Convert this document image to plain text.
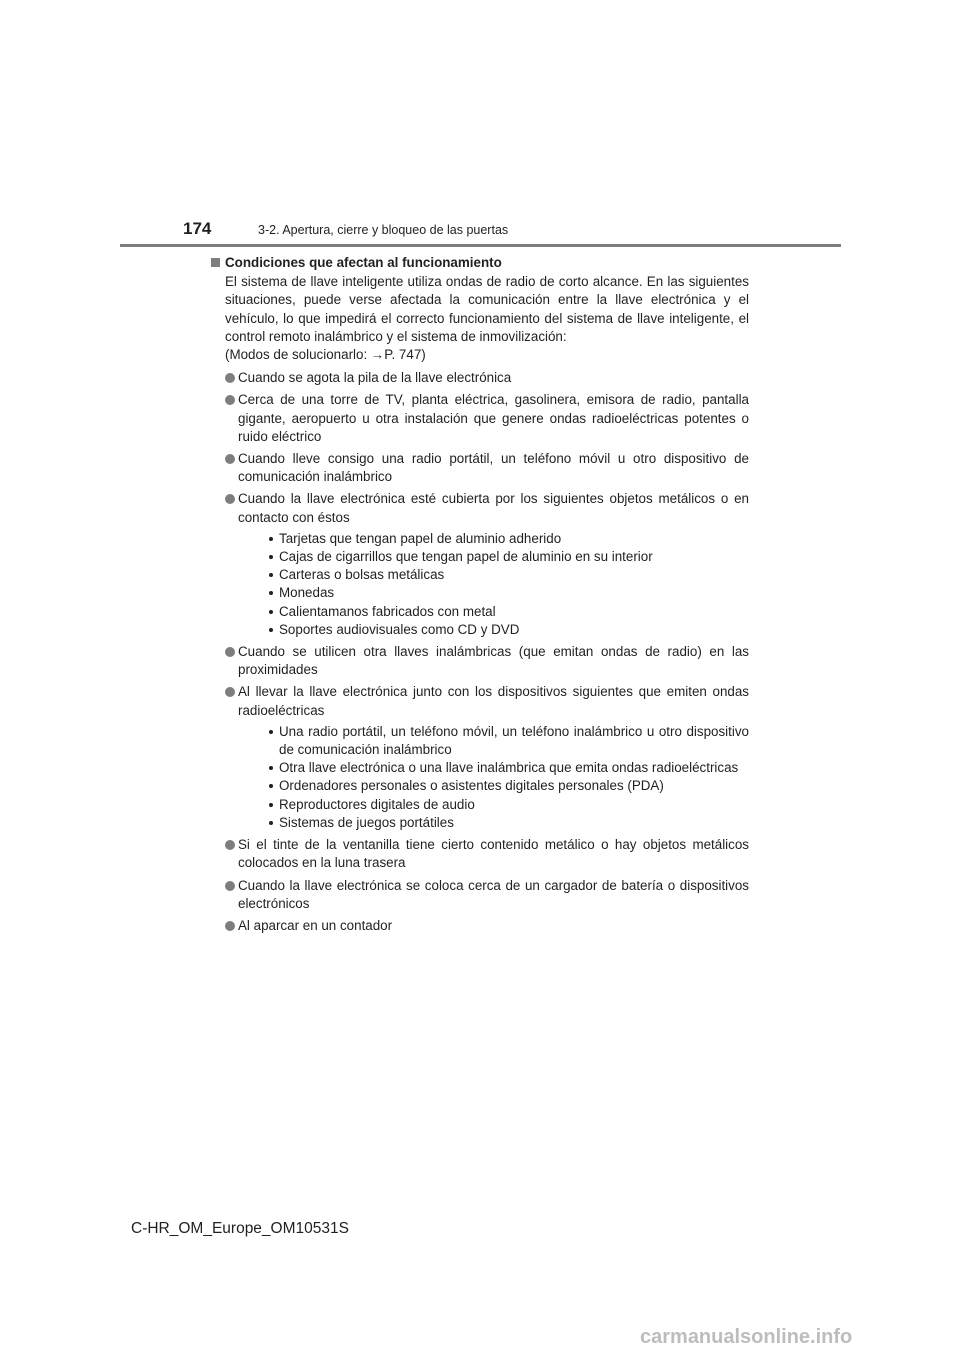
174	3-2. Apertura, cierre y bloqueo de las puertas
Condiciones que afectan al funcionamiento

El sistema de llave inteligente utiliza ondas de radio de corto alcance. En las siguientes situaciones, puede verse afectada la comunicación entre la llave electrónica y el vehículo, lo que impedirá el correcto funcionamiento del sistema de llave inteligente, el control remoto inalámbrico y el sistema de inmovilización:
(Modos de solucionarlo: →P. 747)

Cuando se agota la pila de la llave electrónica
Cerca de una torre de TV, planta eléctrica, gasolinera, emisora de radio, pantalla gigante, aeropuerto u otra instalación que genere ondas radioeléctricas potentes o ruido eléctrico
Cuando lleve consigo una radio portátil, un teléfono móvil u otro dispositivo de comunicación inalámbrico
Cuando la llave electrónica esté cubierta por los siguientes objetos metálicos o en contacto con éstos
Tarjetas que tengan papel de aluminio adherido
Cajas de cigarrillos que tengan papel de aluminio en su interior
Carteras o bolsas metálicas
Monedas
Calientamanos fabricados con metal
Soportes audiovisuales como CD y DVD
Cuando se utilicen otra llaves inalámbricas (que emitan ondas de radio) en las proximidades
Al llevar la llave electrónica junto con los dispositivos siguientes que emiten ondas radioeléctricas
Una radio portátil, un teléfono móvil, un teléfono inalámbrico u otro dispositivo de comunicación inalámbrico
Otra llave electrónica o una llave inalámbrica que emita ondas radioeléctricas
Ordenadores personales o asistentes digitales personales (PDA)
Reproductores digitales de audio
Sistemas de juegos portátiles
Si el tinte de la ventanilla tiene cierto contenido metálico o hay objetos metálicos colocados en la luna trasera
Cuando la llave electrónica se coloca cerca de un cargador de batería o dispositivos electrónicos
Al aparcar en un contador
C-HR_OM_Europe_OM10531S
carmanualsonline.info
